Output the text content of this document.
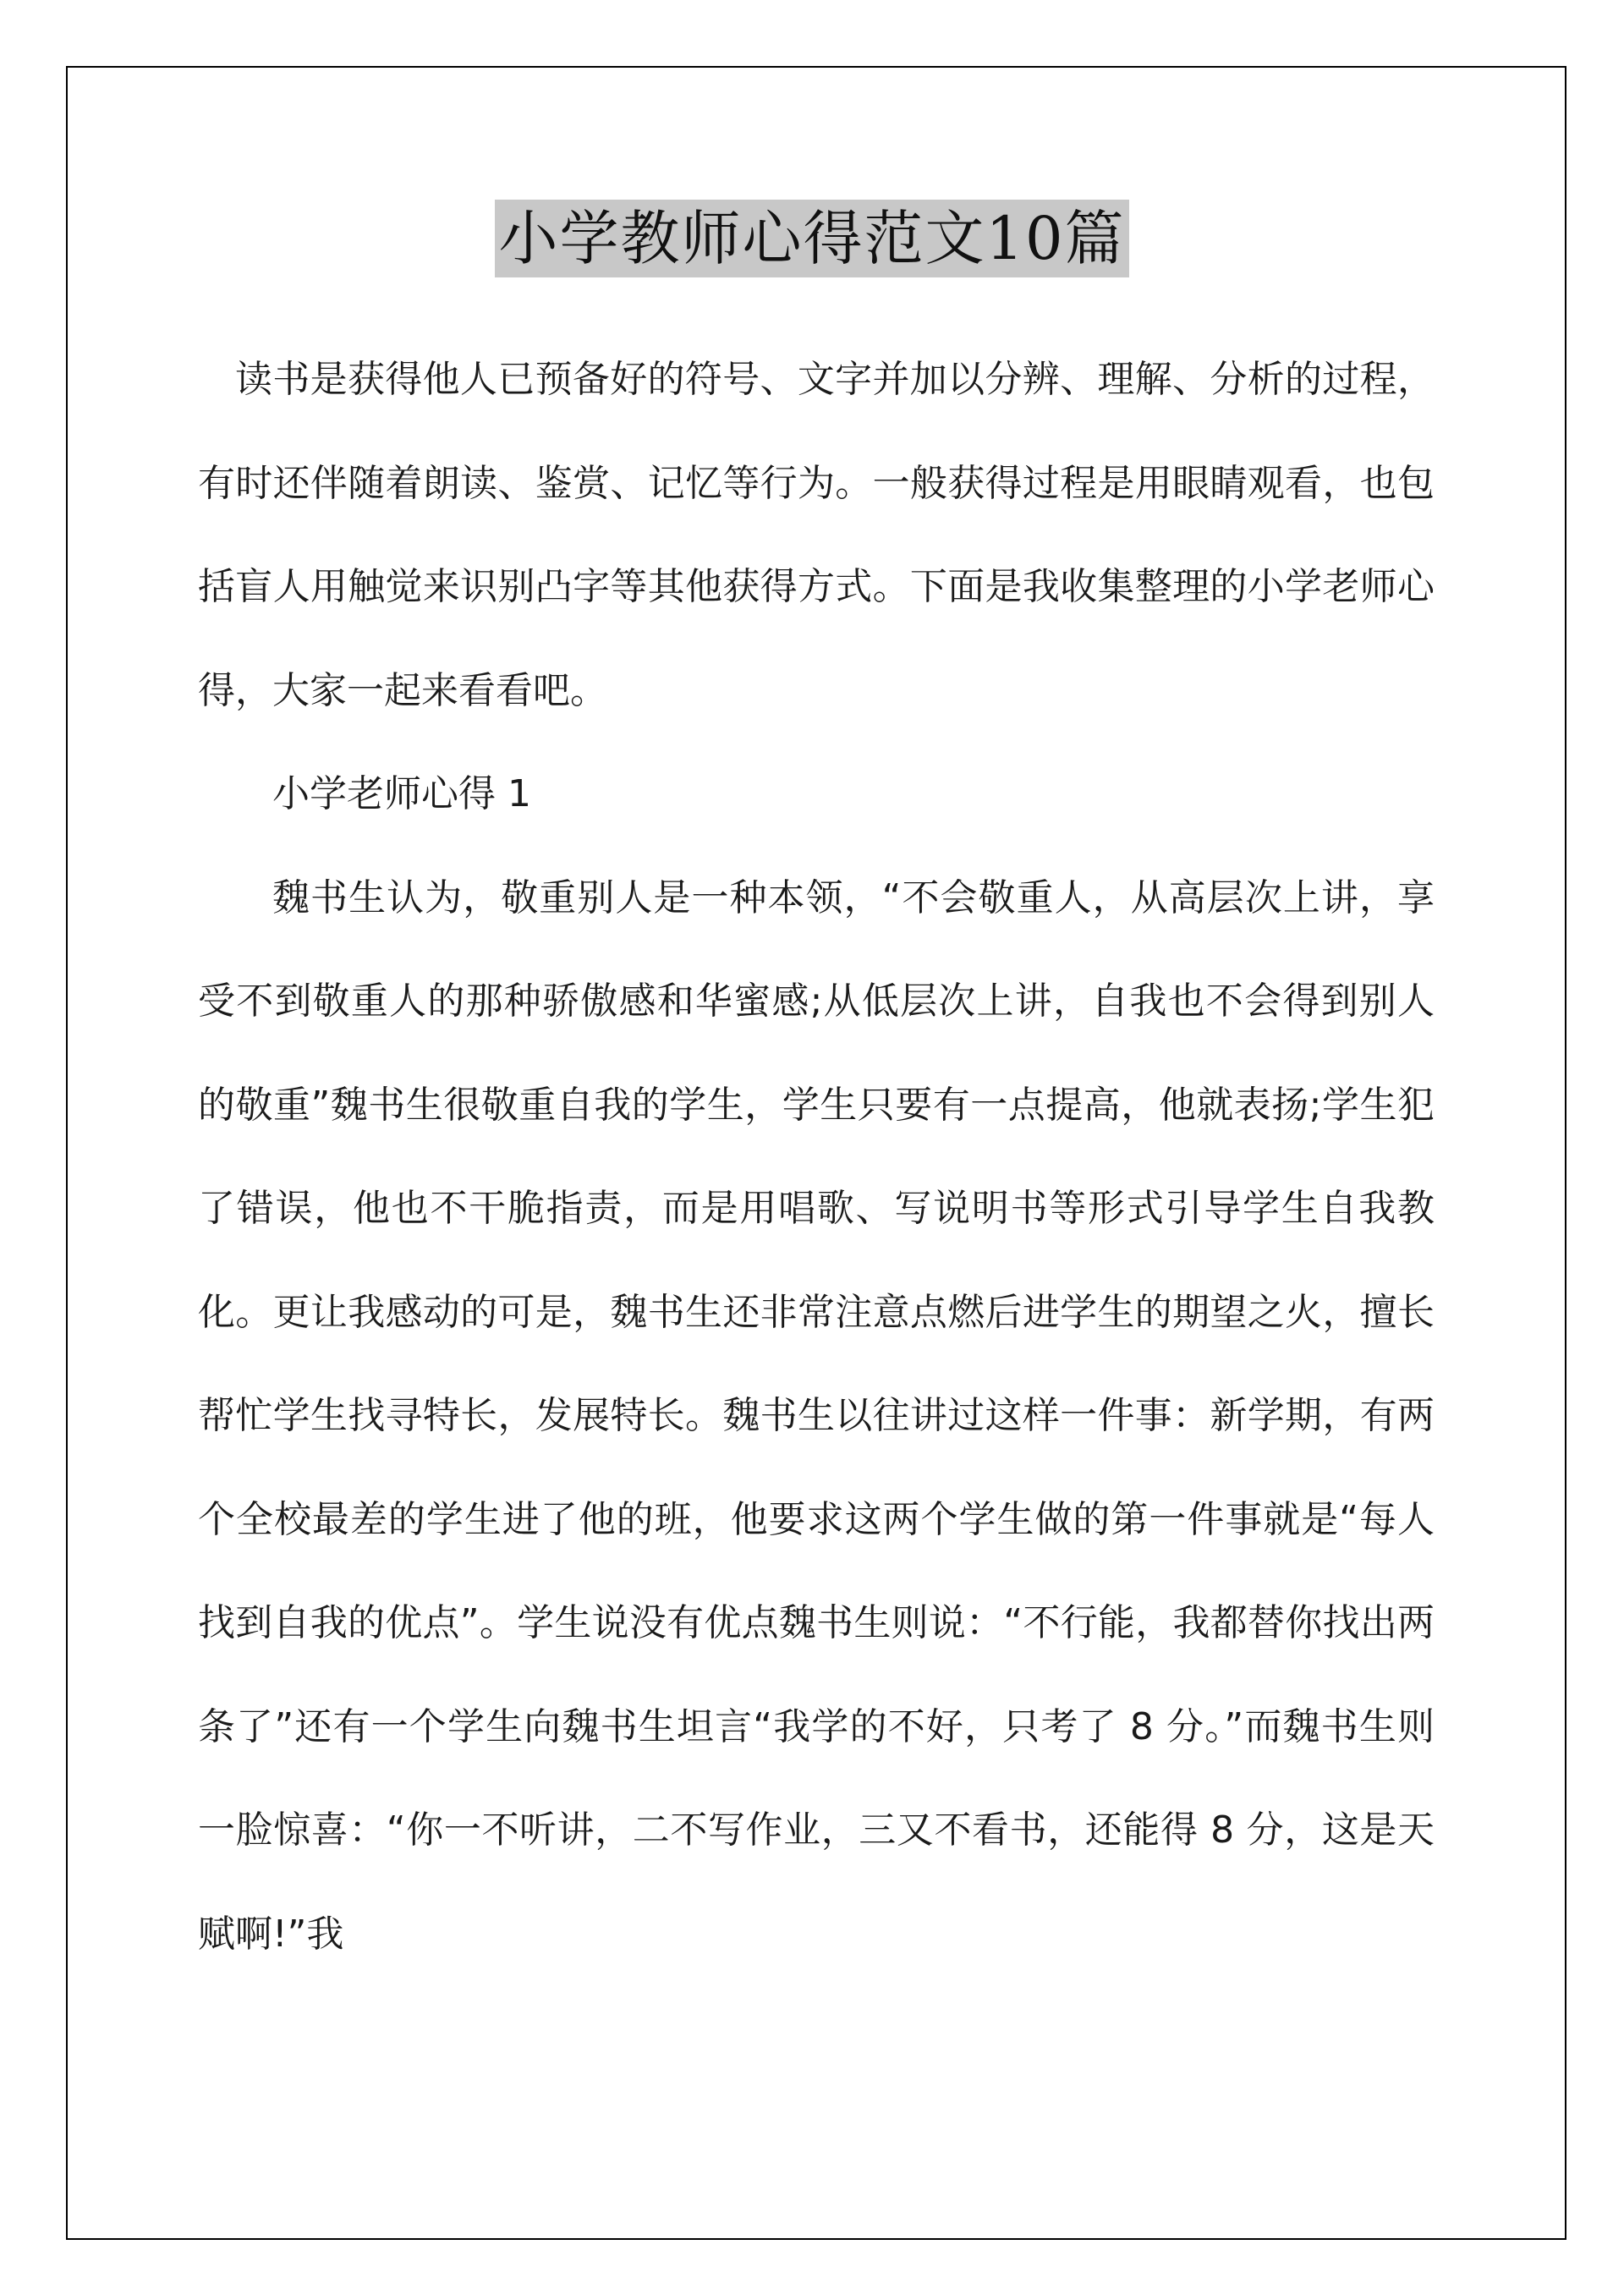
小学教师心得范文10篇

读书是获得他人已预备好的符号、文字并加以分辨、理解、分析的过程，有时还伴随着朗读、鉴赏、记忆等行为。一般获得过程是用眼睛观看，也包括盲人用触觉来识别凸字等其他获得方式。下面是我收集整理的小学老师心得，大家一起来看看吧。

小学老师心得 1

魏书生认为，敬重别人是一种本领，“不会敬重人，从高层次上讲，享受不到敬重人的那种骄傲感和华蜜感;从低层次上讲，自我也不会得到别人的敬重”魏书生很敬重自我的学生，学生只要有一点提高，他就表扬;学生犯了错误，他也不干脆指责，而是用唱歌、写说明书等形式引导学生自我教化。更让我感动的可是，魏书生还非常注意点燃后进学生的期望之火，擅长帮忙学生找寻特长，发展特长。魏书生以往讲过这样一件事：新学期，有两个全校最差的学生进了他的班，他要求这两个学生做的第一件事就是“每人找到自我的优点”。学生说没有优点魏书生则说：“不行能，我都替你找出两条了”还有一个学生向魏书生坦言“我学的不好，只考了 8 分。”而魏书生则一脸惊喜：“你一不听讲，二不写作业，三又不看书，还能得 8 分，这是天赋啊!”我
